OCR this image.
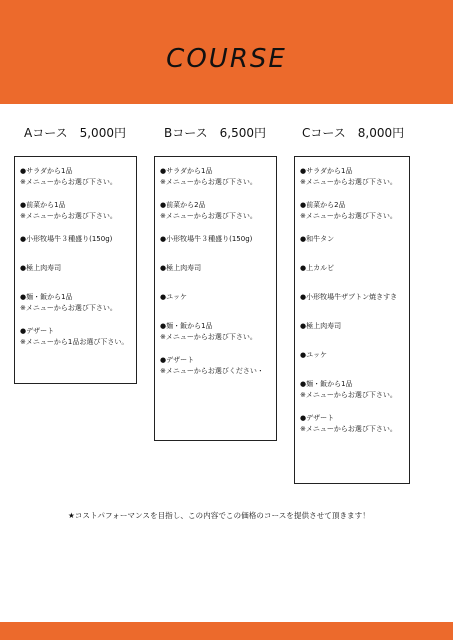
COURSE
Aコース 5,000円
●サラダから1品
※メニューからお選び下さい。
●前菜から1品
※メニューからお選び下さい。
●小形牧場牛３種盛り(150g)
●極上肉寿司
●麺・飯から1品
※メニューからお選び下さい。
●デザート
※メニューから1品お選び下さい。
Bコース 6,500円
●サラダから1品
※メニューからお選び下さい。
●前菜から2品
※メニューからお選び下さい。
●小形牧場牛３種盛り(150g)
●極上肉寿司
●ユッケ
●麺・飯から1品
※メニューからお選び下さい。
●デザート
※メニューからお選びください・
Cコース 8,000円
●サラダから1品
※メニューからお選び下さい。
●前菜から2品
※メニューからお選び下さい。
●和牛タン
●上カルビ
●小形牧場牛ザブトン焼きすき
●極上肉寿司
●ユッケ
●麺・飯から1品
※メニューからお選び下さい。
●デザート
※メニューからお選び下さい。
★コストパフォーマンスを目指し、この内容でこの価格のコースを提供させて頂きます！
